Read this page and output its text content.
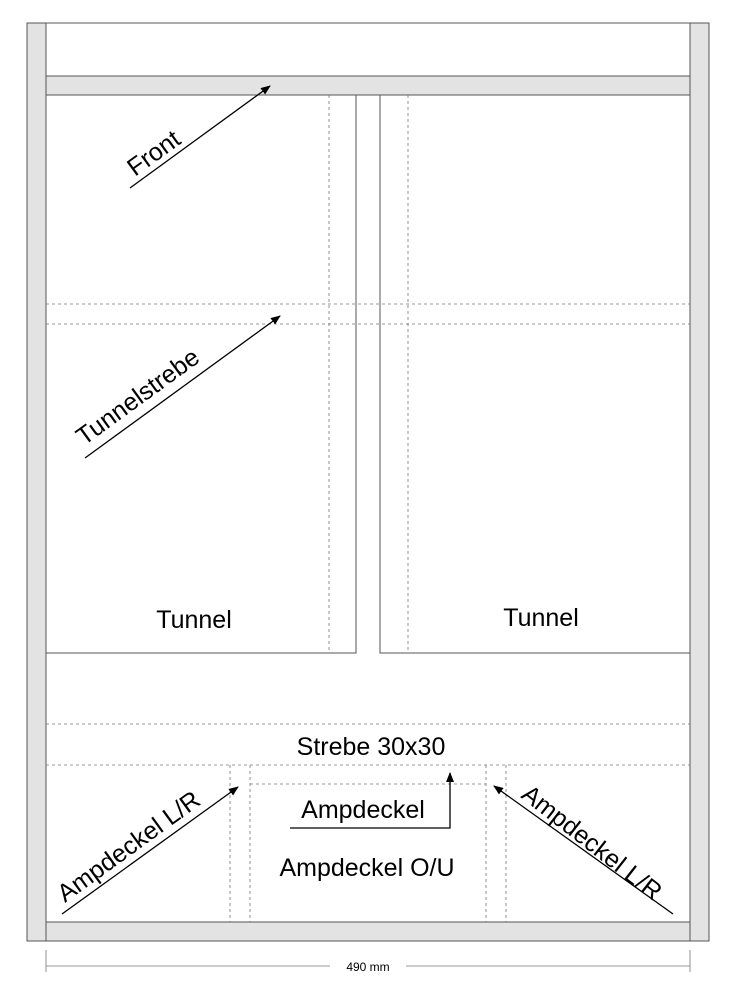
490 mm
Front
Tunnelstrebe
Tunnel	Tunnel
Strebe 30x30
Ampdeckel
Ampdeckel O/U
Ampdeckel L/R	Ampdeckel L/R
